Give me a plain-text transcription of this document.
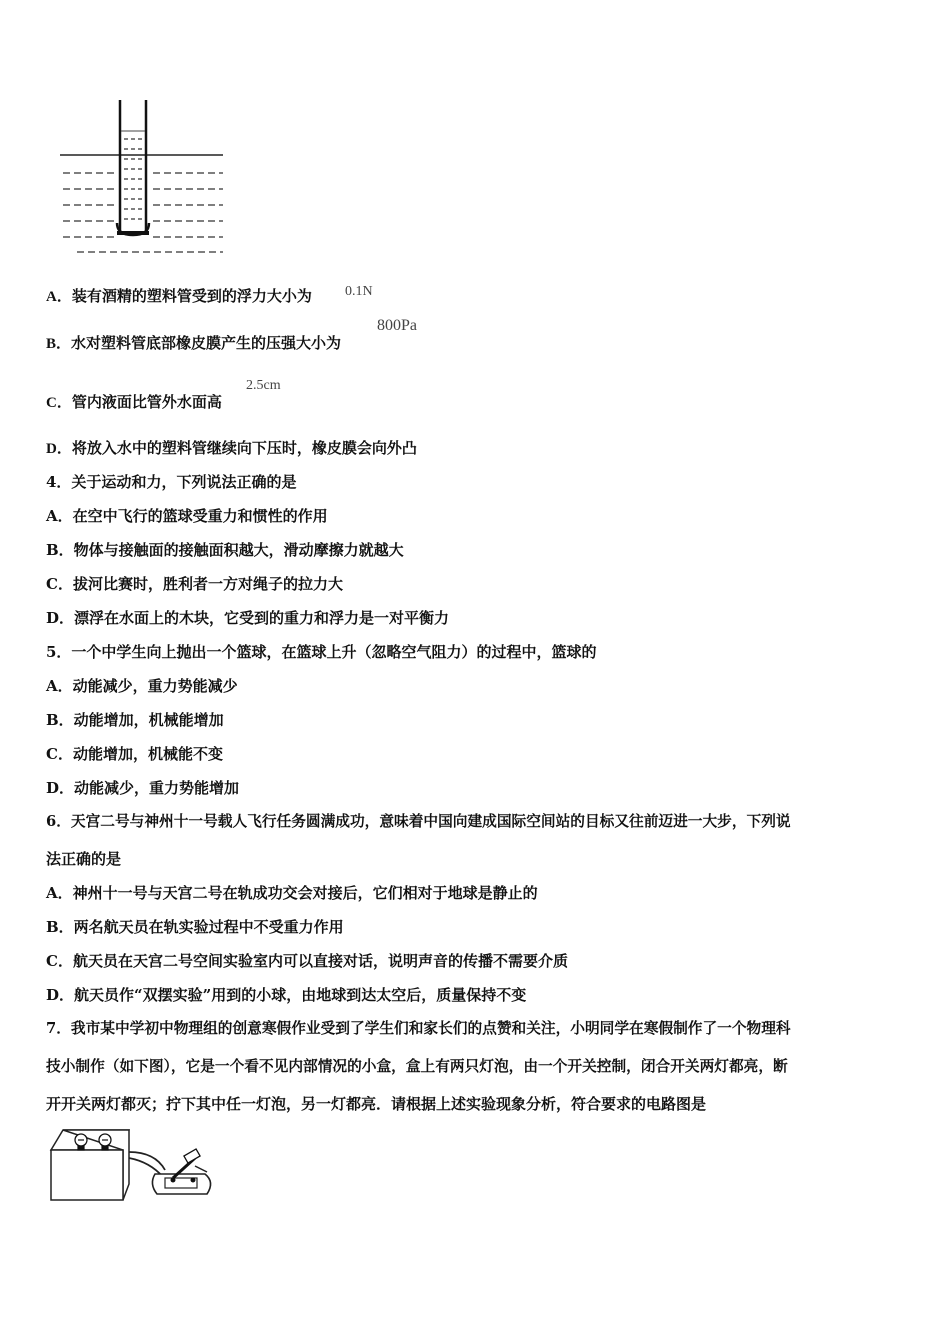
A．装有酒精的塑料管受到的浮力大小为 0.1N
B．水对塑料管底部橡皮膜产生的压强大小为
800Pa
C．管内液面比管外水面高
2.5cm
D．将放入水中的塑料管继续向下压时，橡皮膜会向外凸
4．关于运动和力，下列说法正确的是
A．在空中飞行的篮球受重力和惯性的作用
B．物体与接触面的接触面积越大，滑动摩擦力就越大
C．拔河比赛时，胜利者一方对绳子的拉力大
D．漂浮在水面上的木块，它受到的重力和浮力是一对平衡力
5．一个中学生向上抛出一个篮球，在篮球上升（忽略空气阻力）的过程中，篮球的
A．动能减少，重力势能减少
B．动能增加，机械能增加
C．动能增加，机械能不变
D．动能减少，重力势能增加
6．天宫二号与神州十一号载人飞行任务圆满成功，意味着中国向建成国际空间站的目标又往前迈进一大步，下列说
法正确的是
A．神州十一号与天宫二号在轨成功交会对接后，它们相对于地球是静止的
B．两名航天员在轨实验过程中不受重力作用
C．航天员在天宫二号空间实验室内可以直接对话，说明声音的传播不需要介质
D．航天员作“双摆实验”用到的小球，由地球到达太空后，质量保持不变
7．我市某中学初中物理组的创意寒假作业受到了学生们和家长们的点赞和关注，小明同学在寒假制作了一个物理科
技小制作（如下图），它是一个看不见内部情况的小盒，盒上有两只灯泡，由一个开关控制，闭合开关两灯都亮，断
开开关两灯都灭；拧下其中任一灯泡，另一灯都亮．请根据上述实验现象分析，符合要求的电路图是
